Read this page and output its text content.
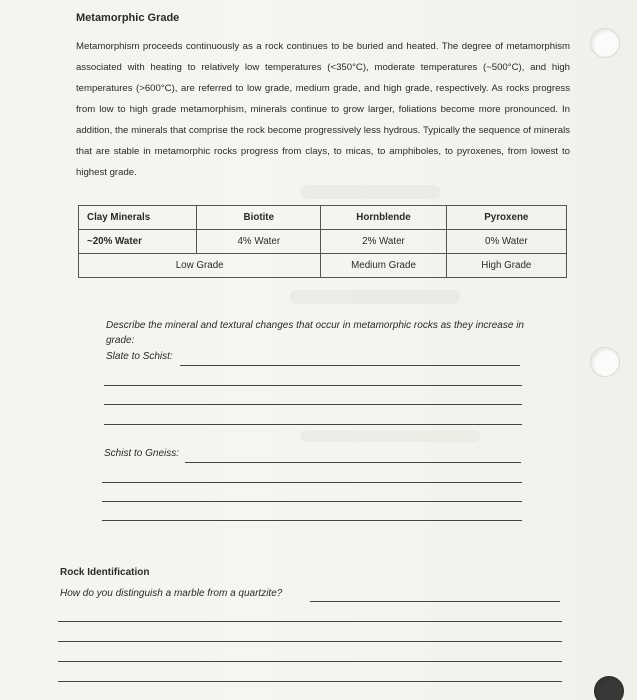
Metamorphic Grade
Metamorphism proceeds continuously as a rock continues to be buried and heated. The degree of metamorphism associated with heating to relatively low temperatures (<350°C), moderate temperatures (~500°C), and high temperatures (>600°C), are referred to low grade, medium grade, and high grade, respectively. As rocks progress from low to high grade metamorphism, minerals continue to grow larger, foliations become more pronounced. In addition, the minerals that comprise the rock become progressively less hydrous. Typically the sequence of minerals that are stable in metamorphic rocks progress from clays, to micas, to amphiboles, to pyroxenes, from lowest to highest grade.
Clay Minerals	Biotite	Hornblende	Pyroxene
~20% Water	4% Water	2% Water	0% Water
Low Grade		Medium Grade	High Grade
Describe the mineral and textural changes that occur in metamorphic rocks as they increase in grade:
Slate to Schist:
Schist to Gneiss:
Rock Identification
How do you distinguish a marble from a quartzite?
